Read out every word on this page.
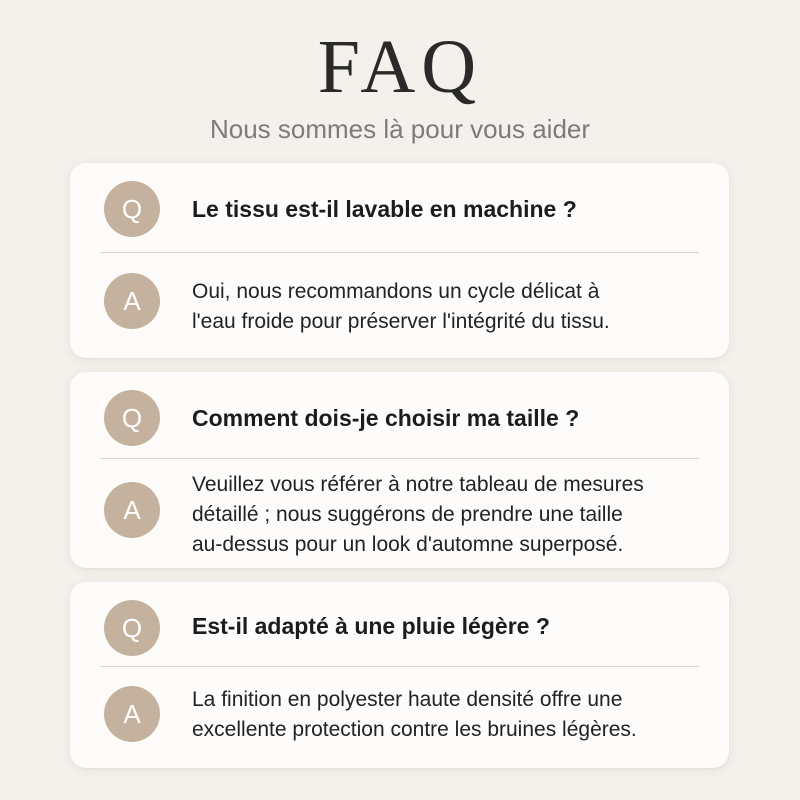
FAQ
Nous sommes là pour vous aider
Q	Le tissu est-il lavable en machine ?
A	Oui, nous recommandons un cycle délicat à
l'eau froide pour préserver l'intégrité du tissu.
Q	Comment dois-je choisir ma taille ?
A
Veuillez vous référer à notre tableau de mesures
détaillé ; nous suggérons de prendre une taille
au-dessus pour un look d'automne superposé.
Q	Est-il adapté à une pluie légère ?
A	La finition en polyester haute densité offre une
excellente protection contre les bruines légères.
